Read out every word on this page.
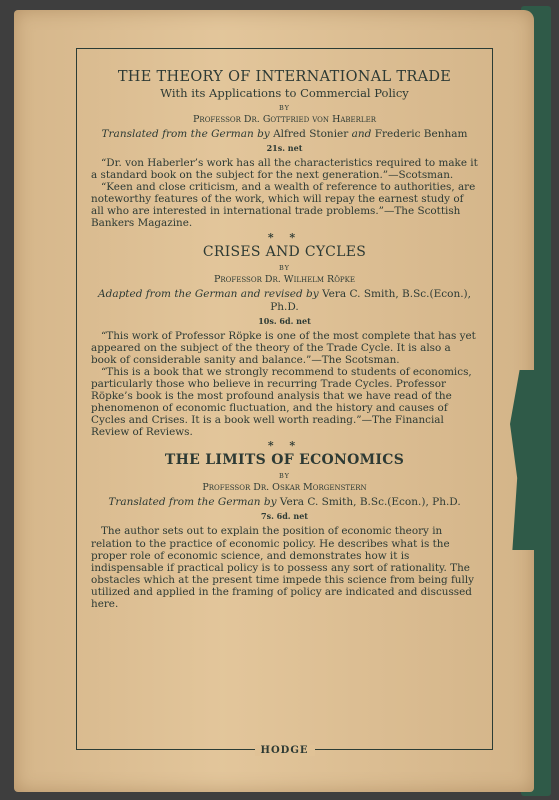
THE THEORY OF INTERNATIONAL TRADE
With its Applications to Commercial Policy
BY
Professor Dr. Gottfried von Haberler
Translated from the German by Alfred Stonier and Frederic Benham
21s. net

“Dr. von Haberler’s work has all the characteristics required to make it a standard book on the subject for the next generation.”—Scotsman.

“Keen and close criticism, and a wealth of reference to authorities, are noteworthy features of the work, which will repay the earnest study of all who are interested in international trade problems.”—The Scottish Bankers Magazine.

* *
CRISES AND CYCLES
BY
Professor Dr. Wilhelm Röpke
Adapted from the German and revised by Vera C. Smith, B.Sc.(Econ.), Ph.D.
10s. 6d. net

“This work of Professor Röpke is one of the most complete that has yet appeared on the subject of the theory of the Trade Cycle. It is also a book of considerable sanity and balance.”—The Scotsman.

“This is a book that we strongly recommend to students of economics, particularly those who believe in recurring Trade Cycles. Professor Röpke’s book is the most profound analysis that we have read of the phenomenon of economic fluctuation, and the history and causes of Cycles and Crises. It is a book well worth reading.”—The Financial Review of Reviews.

* *
THE LIMITS OF ECONOMICS
BY
Professor Dr. Oskar Morgenstern
Translated from the German by Vera C. Smith, B.Sc.(Econ.), Ph.D.
7s. 6d. net

The author sets out to explain the position of economic theory in relation to the practice of economic policy. He describes what is the proper role of economic science, and demonstrates how it is indispensable if practical policy is to possess any sort of rationality. The obstacles which at the present time impede this science from being fully utilized and applied in the framing of policy are indicated and discussed here.

HODGE
